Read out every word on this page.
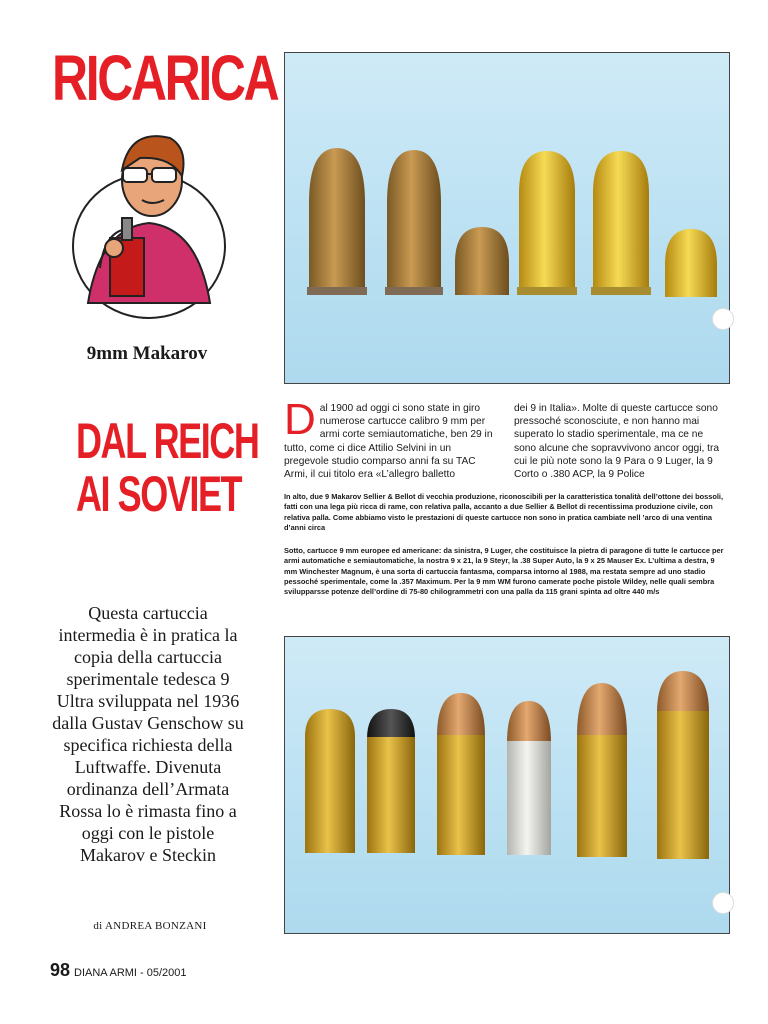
RICARICA
9mm Makarov
DAL REICH
AI SOVIET
Questa cartuccia intermedia è in pratica la copia della cartuccia sperimentale tedesca 9 Ultra sviluppata nel 1936 dalla Gustav Genschow su specifica richiesta della Luftwaffe. Divenuta ordinanza dell’Armata Rossa lo è rimasta fino a oggi con le pistole Makarov e Steckin
di ANDREA BONZANI
98 DIANA ARMI - 05/2001
Dal 1900 ad oggi ci sono state in giro numerose cartucce calibro 9 mm per armi corte semiautomatiche, ben 29 in tutto, come ci dice Attilio Selvini in un pregevole studio comparso anni fa su TAC Armi, il cui titolo era «L’allegro balletto
dei 9 in Italia». Molte di queste cartucce sono pressoché sconosciute, e non hanno mai superato lo stadio sperimentale, ma ce ne sono alcune che sopravvivono ancor oggi, tra cui le più note sono la 9 Para o 9 Luger, la 9 Corto o .380 ACP, la 9 Police
In alto, due 9 Makarov Sellier & Bellot di vecchia produzione, riconoscibili per la caratteristica tonalità dell’ottone dei bossoli, fatti con una lega più ricca di rame, con relativa palla, accanto a due Sellier & Bellot di recentissima produzione civile, con relativa palla. Come abbiamo visto le prestazioni di queste cartucce non sono in pratica cambiate nell ’arco di una ventina d’anni circa
Sotto, cartucce 9 mm europee ed americane: da sinistra, 9 Luger, che costituisce la pietra di paragone di tutte le cartucce per armi automatiche e semiautomatiche, la nostra 9 x 21, la 9 Steyr, la .38 Super Auto, la 9 x 25 Mauser Ex. L’ultima a destra, 9 mm Winchester Magnum, è una sorta di cartuccia fantasma, comparsa intorno al 1988, ma restata sempre ad uno stadio pessoché sperimentale, come la .357 Maximum. Per la 9 mm WM furono camerate poche pistole Wildey, nelle quali sembra svilupparsse potenze dell’ordine di 75-80 chilogrammetri con una palla da 115 grani spinta ad oltre 440 m/s
